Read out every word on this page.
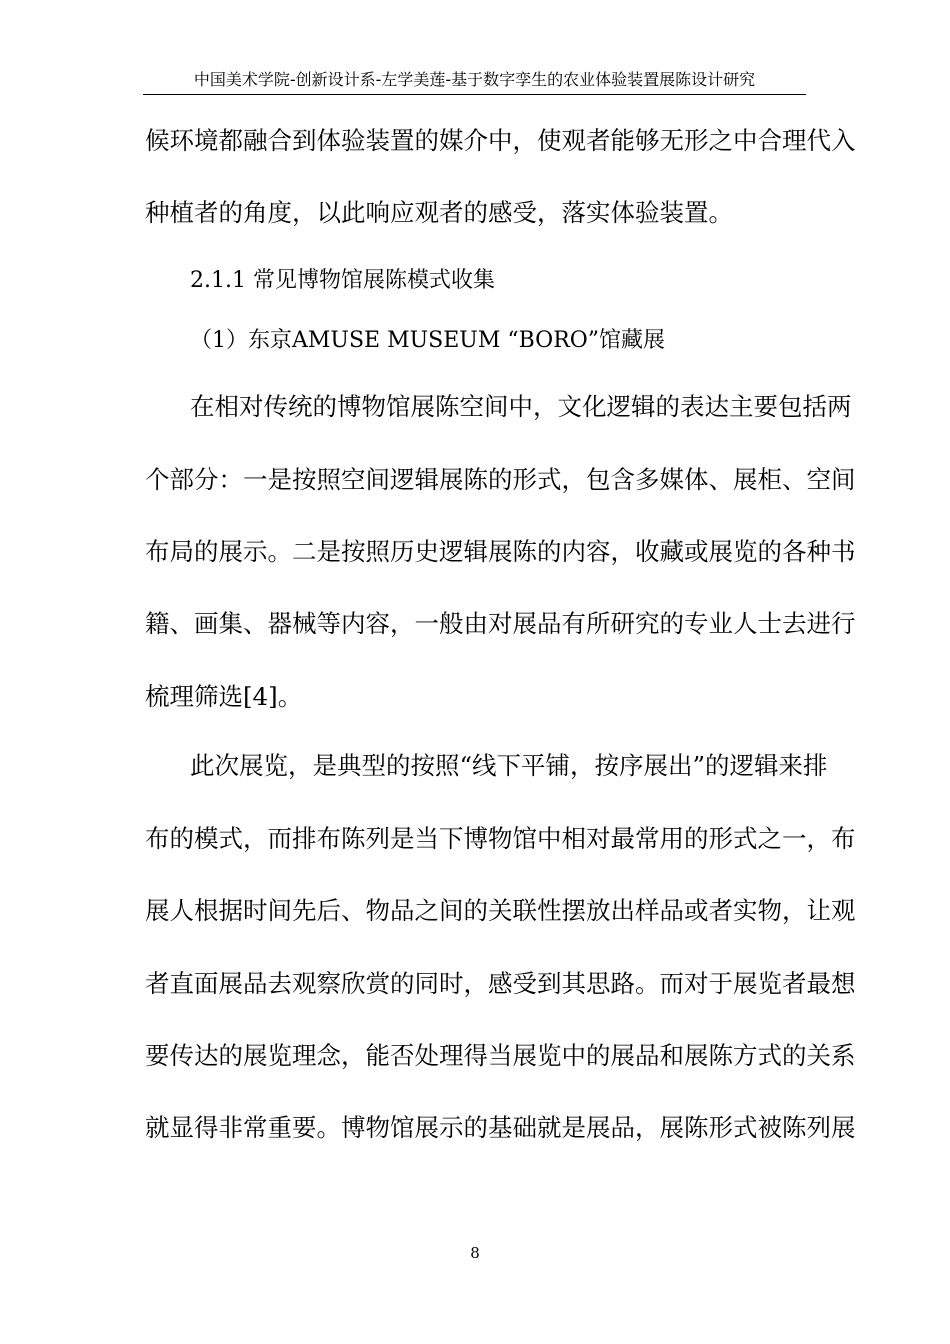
中国美术学院-创新设计系-左学美莲-基于数字孪生的农业体验装置展陈设计研究
候环境都融合到体验装置的媒介中，使观者能够无形之中合理代入
种植者的角度，以此响应观者的感受，落实体验装置。
2.1.1 常见博物馆展陈模式收集
（1）东京AMUSE MUSEUM “BORO”馆藏展
在相对传统的博物馆展陈空间中，文化逻辑的表达主要包括两
个部分：一是按照空间逻辑展陈的形式，包含多媒体、展柜、空间
布局的展示。二是按照历史逻辑展陈的内容，收藏或展览的各种书
籍、画集、器械等内容，一般由对展品有所研究的专业人士去进行
梳理筛选[4]。
此次展览，是典型的按照“线下平铺，按序展出”的逻辑来排
布的模式，而排布陈列是当下博物馆中相对最常用的形式之一，布
展人根据时间先后、物品之间的关联性摆放出样品或者实物，让观
者直面展品去观察欣赏的同时，感受到其思路。而对于展览者最想
要传达的展览理念，能否处理得当展览中的展品和展陈方式的关系
就显得非常重要。博物馆展示的基础就是展品，展陈形式被陈列展
8
